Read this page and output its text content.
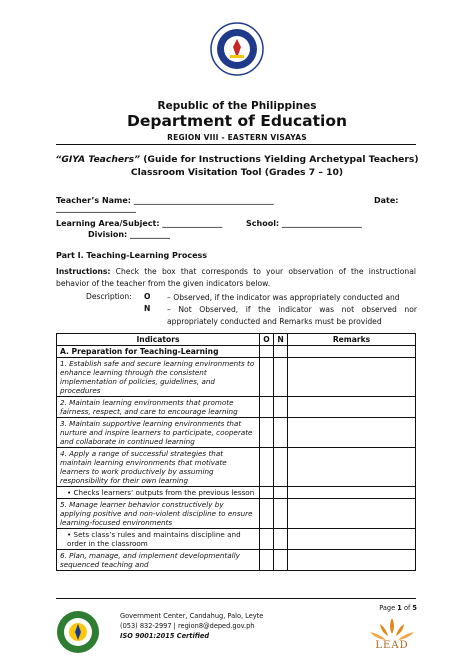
Republic of the Philippines
Department of Education
REGION VIII - EASTERN VISAYAS
“GIYA Teachers” (Guide for Instructions Yielding Archetypal Teachers)
Classroom Visitation Tool (Grades 7 – 10)
Teacher’s Name: ___________________________________	Date:
____________________
Learning Area/Subject: _______________	School: ____________________
Division: __________
Part I. Teaching-Learning Process
Instructions: Check the box that corresponds to your observation of the instructional behavior of the teacher from the given indicators below.
Description: O – Observed, if the indicator was appropriately conducted and
N – Not Observed, if the indicator was not observed nor appropriately conducted and Remarks must be provided
Indicators	O	N	Remarks
A. Preparation for Teaching-Learning			
1. Establish safe and secure learning environments to enhance learning through the consistent implementation of policies, guidelines, and procedures			
2. Maintain learning environments that promote fairness, respect, and care to encourage learning			
3. Maintain supportive learning environments that nurture and inspire learners to participate, cooperate and collaborate in continued learning			
4. Apply a range of successful strategies that maintain learning environments that motivate learners to work productively by assuming responsibility for their own learning			
• Checks learners’ outputs from the previous lesson			
5. Manage learner behavior constructively by applying positive and non-violent discipline to ensure learning-focused environments			
• Sets class’s rules and maintains discipline and order in the classroom			
6. Plan, manage, and implement developmentally sequenced teaching and			
Government Center, Candahug, Palo, Leyte
(053) 832-2997 | region8@deped.gov.ph
ISO 9001:2015 Certified
Page 1 of 5
LEAD
